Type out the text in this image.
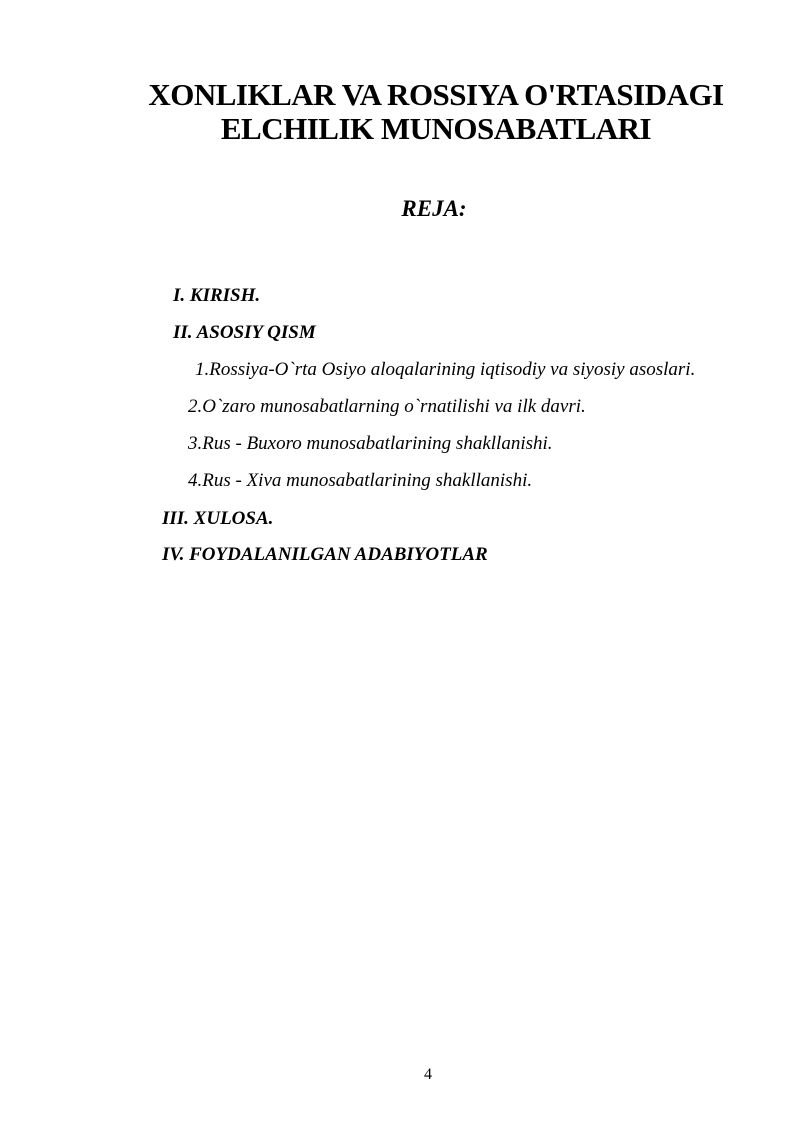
XONLIKLAR VA ROSSIYA O'RTASIDAGI
ELCHILIK MUNOSABATLARI
REJA:
I. KIRISH.
II. ASOSIY QISM
1.Rossiya-O`rta Osiyo aloqalarining iqtisodiy va siyosiy asoslari.
2.O`zaro munosabatlarning o`rnatilishi va ilk davri.
3.Rus - Buxoro munosabatlarining shakllanishi.
4.Rus - Xiva munosabatlarining shakllanishi.
III. XULOSA.
IV. FOYDALANILGAN ADABIYOTLAR
4
